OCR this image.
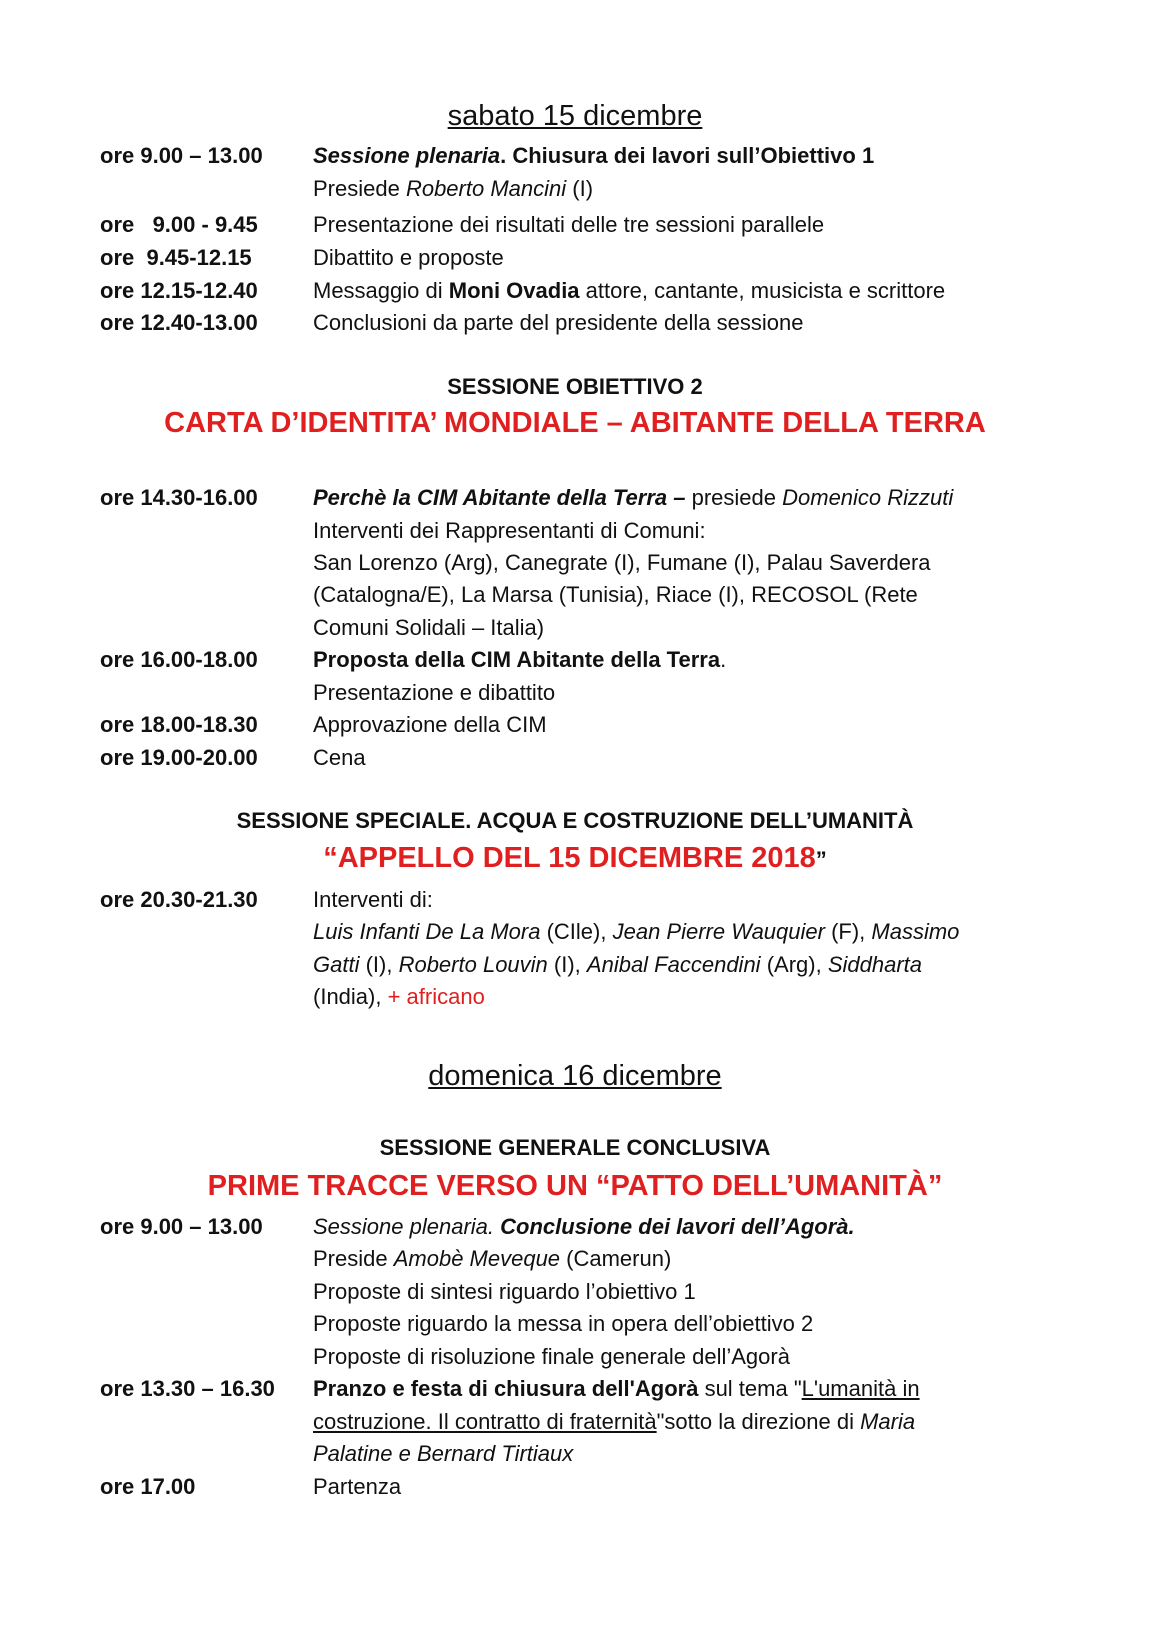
sabato 15 dicembre
ore 9.00 – 13.00 Sessione plenaria. Chiusura dei lavori sull’Obiettivo 1
Presiede Roberto Mancini (I)
ore   9.00 - 9.45	Presentazione dei risultati delle tre sessioni parallele
ore  9.45-12.15	Dibattito e proposte
ore 12.15-12.40	Messaggio di Moni Ovadia attore, cantante, musicista e scrittore
ore 12.40-13.00	Conclusioni da parte del presidente della sessione
SESSIONE OBIETTIVO 2
CARTA D’IDENTITA’ MONDIALE – ABITANTE DELLA TERRA
ore 14.30-16.00	Perchè la CIM Abitante della Terra – presiede Domenico Rizzuti
Interventi dei Rappresentanti di Comuni:
San Lorenzo (Arg), Canegrate (I), Fumane (I), Palau Saverdera
(Catalogna/E), La Marsa (Tunisia), Riace (I), RECOSOL (Rete
Comuni Solidali – Italia)
ore 16.00-18.00	Proposta della CIM Abitante della Terra.
Presentazione e dibattito
ore 18.00-18.30	Approvazione della CIM
ore 19.00-20.00	Cena
SESSIONE SPECIALE. ACQUA E COSTRUZIONE DELL’UMANITÀ
“APPELLO DEL 15 DICEMBRE 2018”
ore 20.30-21.30	Interventi di:
Luis Infanti De La Mora (CIle), Jean Pierre Wauquier (F), Massimo
Gatti (I), Roberto Louvin (I), Anibal Faccendini (Arg), Siddharta
(India), + africano
domenica 16 dicembre
SESSIONE GENERALE CONCLUSIVA
PRIME TRACCE VERSO UN “PATTO DELL’UMANITÀ”
ore 9.00 – 13.00 Sessione plenaria. Conclusione dei lavori dell’Agorà.
Preside Amobè Meveque (Camerun)
Proposte di sintesi riguardo l’obiettivo 1
Proposte riguardo la messa in opera dell’obiettivo 2
Proposte di risoluzione finale generale dell’Agorà
ore 13.30 – 16.30 Pranzo e festa di chiusura dell'Agorà sul tema "L'umanità in
costruzione. Il contratto di fraternità"sotto la direzione di Maria
Palatine e Bernard Tirtiaux
ore 17.00	Partenza
